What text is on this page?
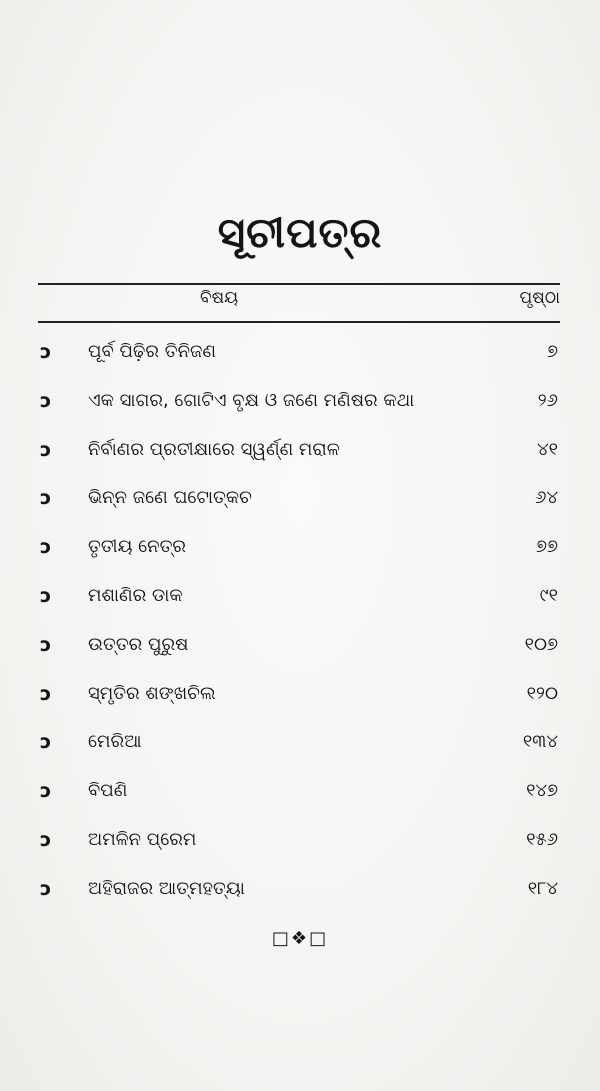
ସୂଚୀପତ୍ର
ବିଷୟ	ପୃଷ୍ଠା
ɔ ପୂର୍ବ ପିଢ଼ିର ତିନିଜଣ	୭
ɔ ଏକ ସାଗର, ଗୋଟିଏ ବୃକ୍ଷ ଓ ଜଣେ ମଣିଷର କଥା	୨୬
ɔ ନିର୍ବାଣର ପ୍ରତୀକ୍ଷାରେ ସ୍ୱର୍ଣ୍ଣ ମରାଳ	୪୧
ɔ ଭିନ୍ନ ଜଣେ ଘଟୋତ୍କଚ	୬୪
ɔ ତୃତୀୟ ନେତ୍ର	୭୭
ɔ ମଶାଣିର ଡାକ	୯୧
ɔ ଉତ୍ତର ପୁରୁଷ	୧୦୭
ɔ ସ୍ମୃତିର ଶଙ୍ଖଚିଲ	୧୨୦
ɔ ମେରିଆ	୧୩୪
ɔ ବିପଣି	୧୪୭
ɔ ଅମଳିନ ପ୍ରେମ	୧୫୬
ɔ ଅହିରାଜର ଆତ୍ମହତ୍ୟା	୧୮୪
□❖□
